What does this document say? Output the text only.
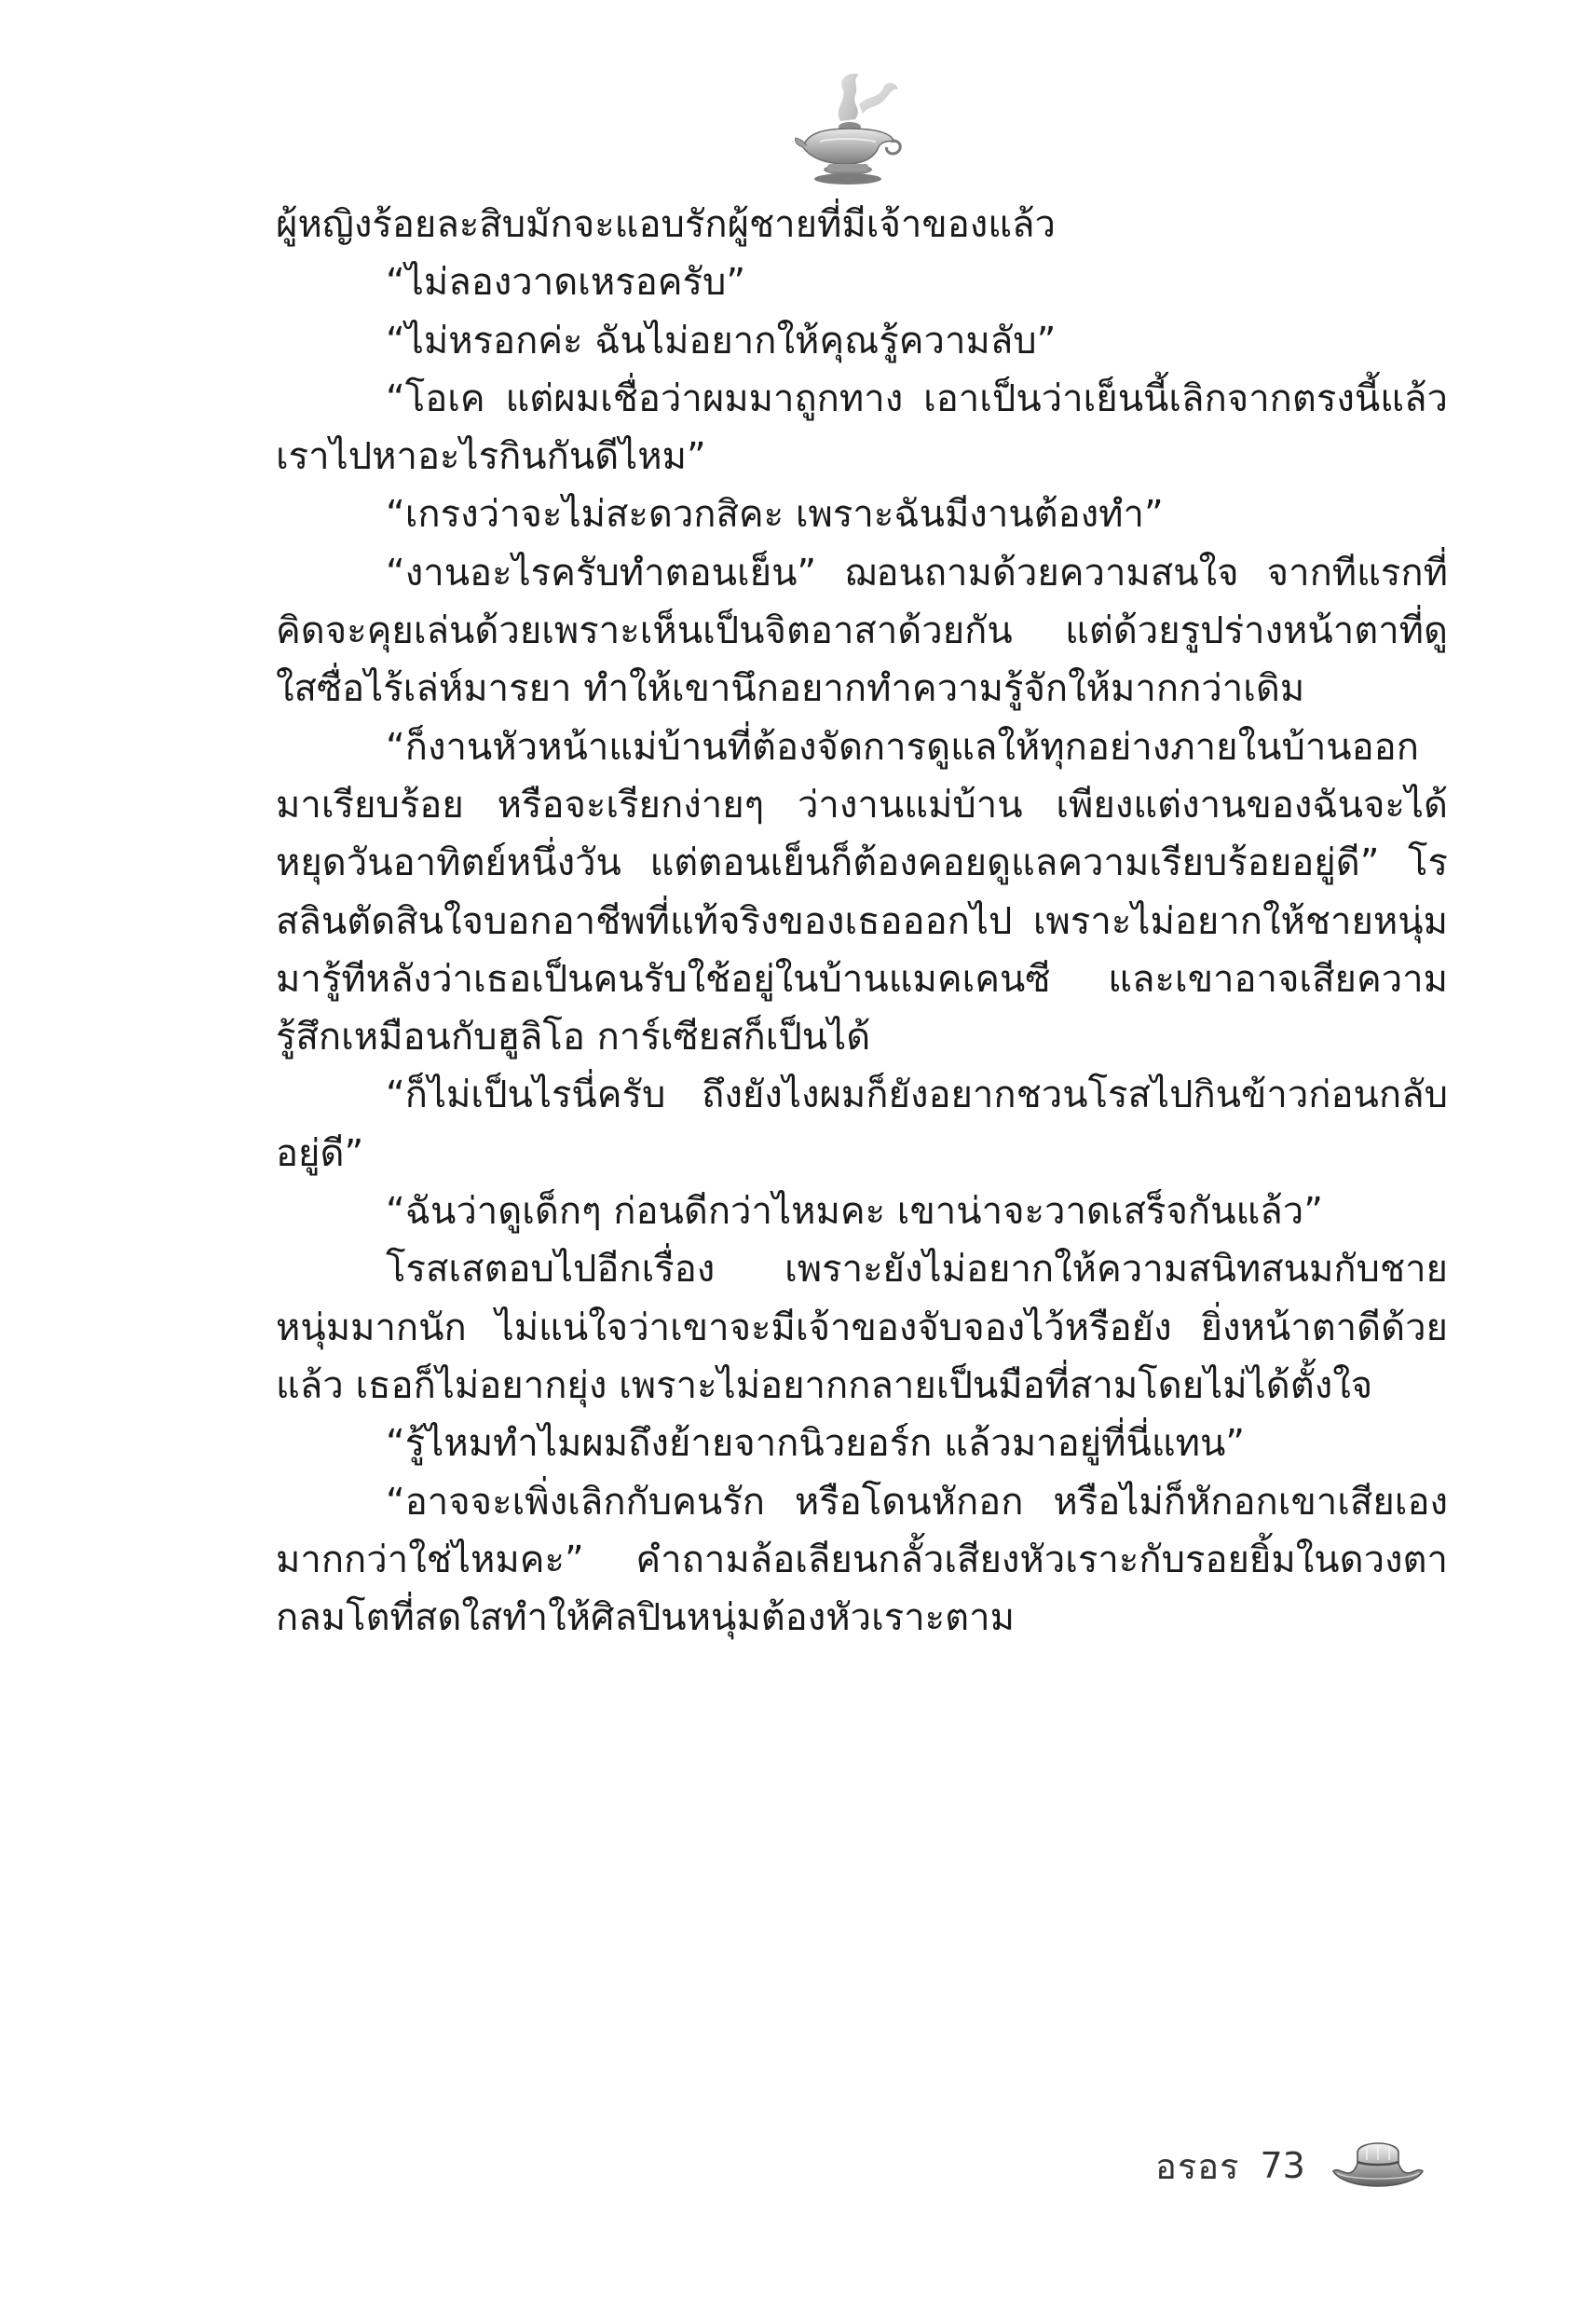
ผู้หญิงร้อยละสิบมักจะแอบรักผู้ชายที่มีเจ้าของแล้ว

“ไม่ลองวาดเหรอครับ”

“ไม่หรอกค่ะ ฉันไม่อยากให้คุณรู้ความลับ”

“โอเค แต่ผมเชื่อว่าผมมาถูกทาง เอาเป็นว่าเย็นนี้เลิกจากตรงนี้แล้ว เราไปหาอะไรกินกันดีไหม”

“เกรงว่าจะไม่สะดวกสิคะ เพราะฉันมีงานต้องทำ”

“งานอะไรครับทำตอนเย็น” ฌอนถามด้วยความสนใจ จากทีแรกที่คิดจะคุยเล่นด้วยเพราะเห็นเป็นจิตอาสาด้วยกัน แต่ด้วยรูปร่างหน้าตาที่ดูใสซื่อไร้เล่ห์มารยา ทำให้เขานึกอยากทำความรู้จักให้มากกว่าเดิม

“ก็งานหัวหน้าแม่บ้านที่ต้องจัดการดูแลให้ทุกอย่างภายในบ้านออกมาเรียบร้อย หรือจะเรียกง่ายๆ ว่างานแม่บ้าน เพียงแต่งานของฉันจะได้หยุดวันอาทิตย์หนึ่งวัน แต่ตอนเย็นก็ต้องคอยดูแลความเรียบร้อยอยู่ดี” โรสลินตัดสินใจบอกอาชีพที่แท้จริงของเธอออกไป เพราะไม่อยากให้ชายหนุ่มมารู้ทีหลังว่าเธอเป็นคนรับใช้อยู่ในบ้านแมคเคนซี และเขาอาจเสียความรู้สึกเหมือนกับฮูลิโอ การ์เซียสก็เป็นได้

“ก็ไม่เป็นไรนี่ครับ ถึงยังไงผมก็ยังอยากชวนโรสไปกินข้าวก่อนกลับอยู่ดี”

“ฉันว่าดูเด็กๆ ก่อนดีกว่าไหมคะ เขาน่าจะวาดเสร็จกันแล้ว”

โรสเสตอบไปอีกเรื่อง เพราะยังไม่อยากให้ความสนิทสนมกับชายหนุ่มมากนัก ไม่แน่ใจว่าเขาจะมีเจ้าของจับจองไว้หรือยัง ยิ่งหน้าตาดีด้วยแล้ว เธอก็ไม่อยากยุ่ง เพราะไม่อยากกลายเป็นมือที่สามโดยไม่ได้ตั้งใจ

“รู้ไหมทำไมผมถึงย้ายจากนิวยอร์ก แล้วมาอยู่ที่นี่แทน”

“อาจจะเพิ่งเลิกกับคนรัก หรือโดนหักอก หรือไม่ก็หักอกเขาเสียเองมากกว่าใช่ไหมคะ” คำถามล้อเลียนกลั้วเสียงหัวเราะกับรอยยิ้มในดวงตากลมโตที่สดใสทำให้ศิลปินหนุ่มต้องหัวเราะตาม

อรอร 73
